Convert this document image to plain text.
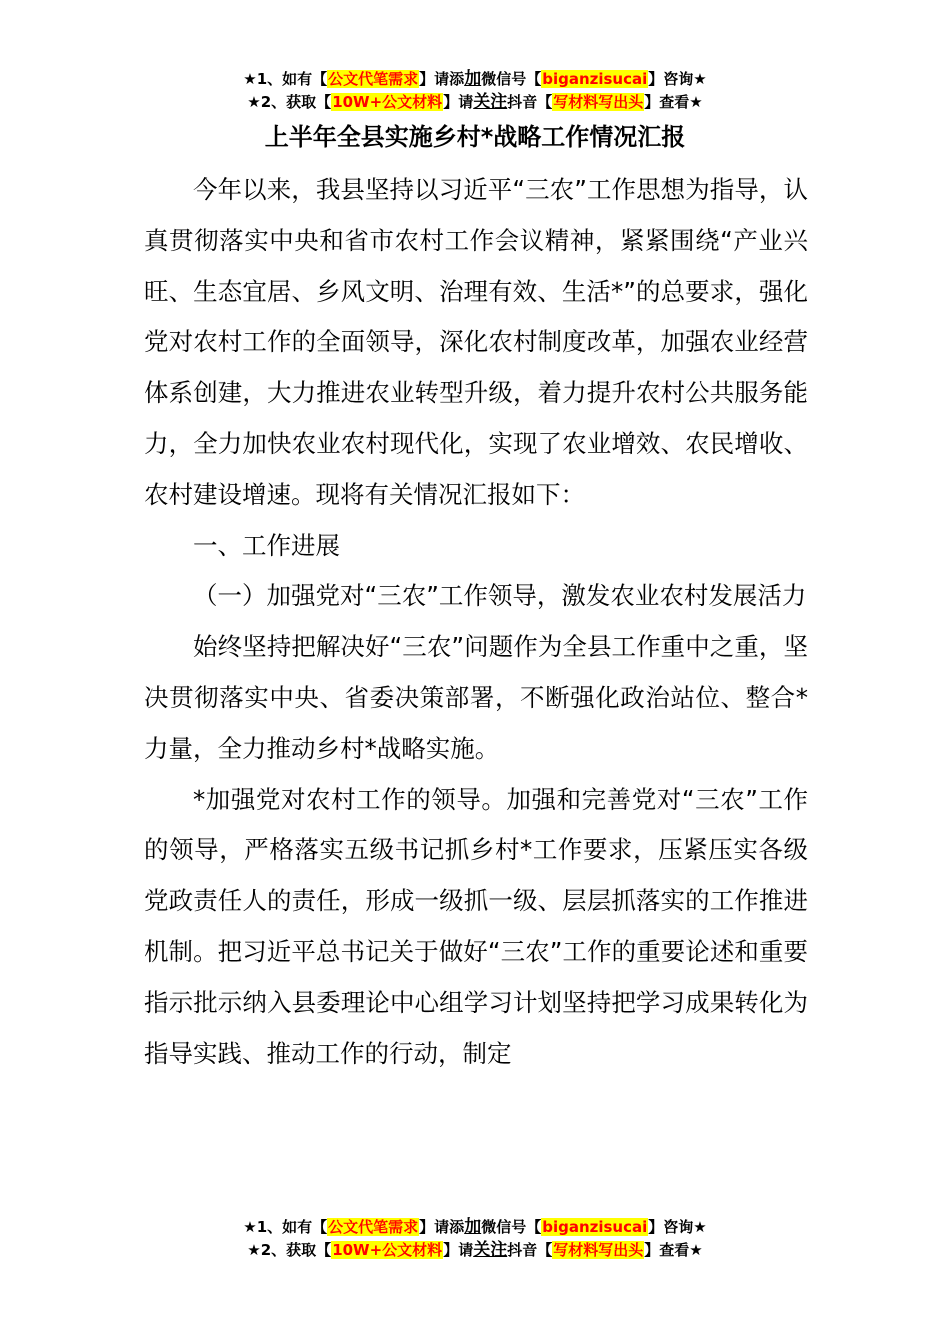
★1、如有【公文代笔需求】请添加微信号【biganzisucai】咨询★
★2、获取【10W+公文材料】请关注抖音【写材料写出头】查看★
上半年全县实施乡村*战略工作情况汇报

今年以来，我县坚持以习近平“三农”工作思想为指导，认真贯彻落实中央和省市农村工作会议精神，紧紧围绕“产业兴旺、生态宜居、乡风文明、治理有效、生活*”的总要求，强化党对农村工作的全面领导，深化农村制度改革，加强农业经营体系创建，大力推进农业转型升级，着力提升农村公共服务能力，全力加快农业农村现代化，实现了农业增效、农民增收、农村建设增速。现将有关情况汇报如下：

一、工作进展

（一）加强党对“三农”工作领导，激发农业农村发展活力

始终坚持把解决好“三农”问题作为全县工作重中之重，坚决贯彻落实中央、省委决策部署，不断强化政治站位、整合*力量，全力推动乡村*战略实施。

*加强党对农村工作的领导。加强和完善党对“三农”工作的领导，严格落实五级书记抓乡村*工作要求，压紧压实各级党政责任人的责任，形成一级抓一级、层层抓落实的工作推进机制。把习近平总书记关于做好“三农”工作的重要论述和重要指示批示纳入县委理论中心组学习计划坚持把学习成果转化为指导实践、推动工作的行动，制定

★1、如有【公文代笔需求】请添加微信号【biganzisucai】咨询★
★2、获取【10W+公文材料】请关注抖音【写材料写出头】查看★
